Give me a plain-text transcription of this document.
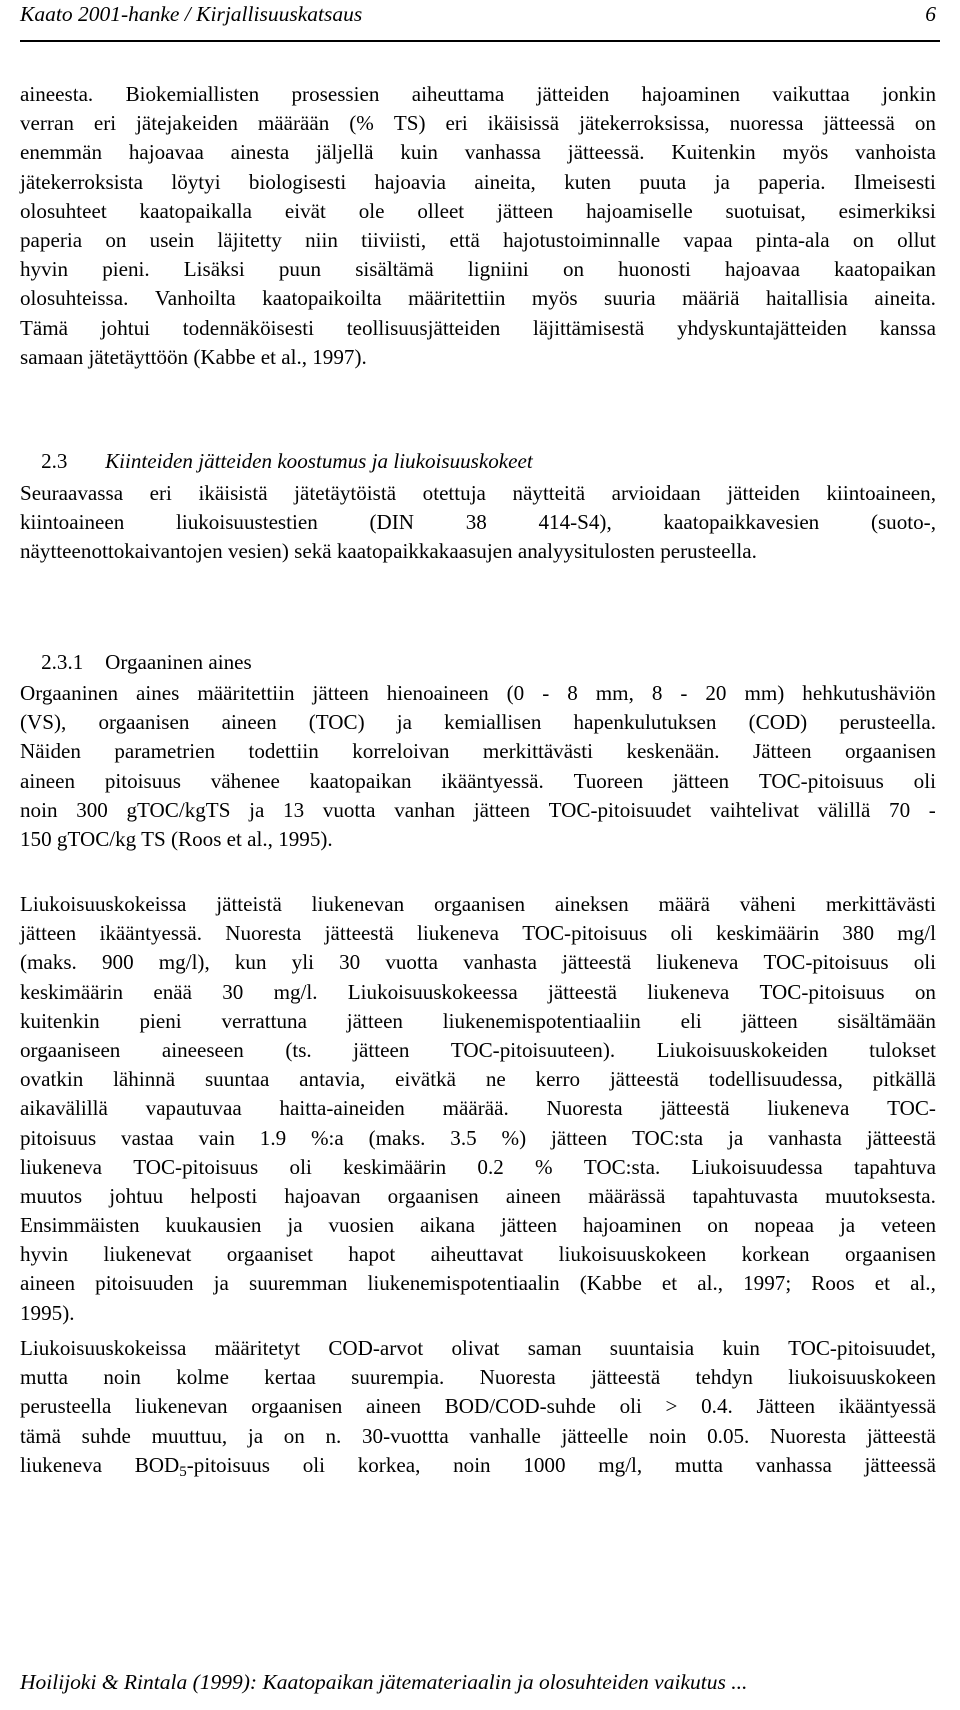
Kaato 2001-hanke / Kirjallisuuskatsaus	6
aineesta. Biokemiallisten prosessien aiheuttama jätteiden hajoaminen vaikuttaa jonkin
verran eri jätejakeiden määrään (% TS) eri ikäisissä jätekerroksissa, nuoressa jätteessä on
enemmän hajoavaa ainesta jäljellä kuin vanhassa jätteessä. Kuitenkin myös vanhoista
jätekerroksista löytyi biologisesti hajoavia aineita, kuten puuta ja paperia. Ilmeisesti
olosuhteet kaatopaikalla eivät ole olleet jätteen hajoamiselle suotuisat, esimerkiksi
paperia on usein läjitetty niin tiiviisti, että hajotustoiminnalle vapaa pinta-ala on ollut
hyvin pieni. Lisäksi puun sisältämä ligniini on huonosti hajoavaa kaatopaikan
olosuhteissa. Vanhoilta kaatopaikoilta määritettiin myös suuria määriä haitallisia aineita.
Tämä johtui todennäköisesti teollisuusjätteiden läjittämisestä yhdyskuntajätteiden kanssa
samaan jätetäyttöön (Kabbe et al., 1997).

2.3 Kiinteiden jätteiden koostumus ja liukoisuuskokeet

Seuraavassa eri ikäisistä jätetäytöistä otettuja näytteitä arvioidaan jätteiden kiintoaineen,
kiintoaineen liukoisuustestien (DIN 38 414-S4), kaatopaikkavesien (suoto-,
näytteenottokaivantojen vesien) sekä kaatopaikkakaasujen analyysitulosten perusteella.

2.3.1 Orgaaninen aines

Orgaaninen aines määritettiin jätteen hienoaineen (0 - 8 mm, 8 - 20 mm) hehkutushäviön
(VS), orgaanisen aineen (TOC) ja kemiallisen hapenkulutuksen (COD) perusteella.
Näiden parametrien todettiin korreloivan merkittävästi keskenään. Jätteen orgaanisen
aineen pitoisuus vähenee kaatopaikan ikääntyessä. Tuoreen jätteen TOC-pitoisuus oli
noin 300 gTOC/kgTS ja 13 vuotta vanhan jätteen TOC-pitoisuudet vaihtelivat välillä 70 -
150 gTOC/kg TS (Roos et al., 1995).
Liukoisuuskokeissa jätteistä liukenevan orgaanisen aineksen määrä väheni merkittävästi
jätteen ikääntyessä. Nuoresta jätteestä liukeneva TOC-pitoisuus oli keskimäärin 380 mg/l
(maks. 900 mg/l), kun yli 30 vuotta vanhasta jätteestä liukeneva TOC-pitoisuus oli
keskimäärin enää 30 mg/l. Liukoisuuskokeessa jätteestä liukeneva TOC-pitoisuus on
kuitenkin pieni verrattuna jätteen liukenemispotentiaaliin eli jätteen sisältämään
orgaaniseen aineeseen (ts. jätteen TOC-pitoisuuteen). Liukoisuuskokeiden tulokset
ovatkin lähinnä suuntaa antavia, eivätkä ne kerro jätteestä todellisuudessa, pitkällä
aikavälillä vapautuvaa haitta-aineiden määrää. Nuoresta jätteestä liukeneva TOC-
pitoisuus vastaa vain 1.9 %:a (maks. 3.5 %) jätteen TOC:sta ja vanhasta jätteestä
liukeneva TOC-pitoisuus oli keskimäärin 0.2 % TOC:sta. Liukoisuudessa tapahtuva
muutos johtuu helposti hajoavan orgaanisen aineen määrässä tapahtuvasta muutoksesta.
Ensimmäisten kuukausien ja vuosien aikana jätteen hajoaminen on nopeaa ja veteen
hyvin liukenevat orgaaniset hapot aiheuttavat liukoisuuskokeen korkean orgaanisen
aineen pitoisuuden ja suuremman liukenemispotentiaalin (Kabbe et al., 1997; Roos et al.,
1995).
Liukoisuuskokeissa määritetyt COD-arvot olivat saman suuntaisia kuin TOC-pitoisuudet,
mutta noin kolme kertaa suurempia. Nuoresta jätteestä tehdyn liukoisuuskokeen
perusteella liukenevan orgaanisen aineen BOD/COD-suhde oli > 0.4. Jätteen ikääntyessä
tämä suhde muuttuu, ja on n. 30-vuottta vanhalle jätteelle noin 0.05. Nuoresta jätteestä
liukeneva $BOD_5$-pitoisuus oli korkea, noin 1000 mg/l, mutta vanhassa jätteessä
Hoilijoki & Rintala (1999): Kaatopaikan jätemateriaalin ja olosuhteiden vaikutus ...
